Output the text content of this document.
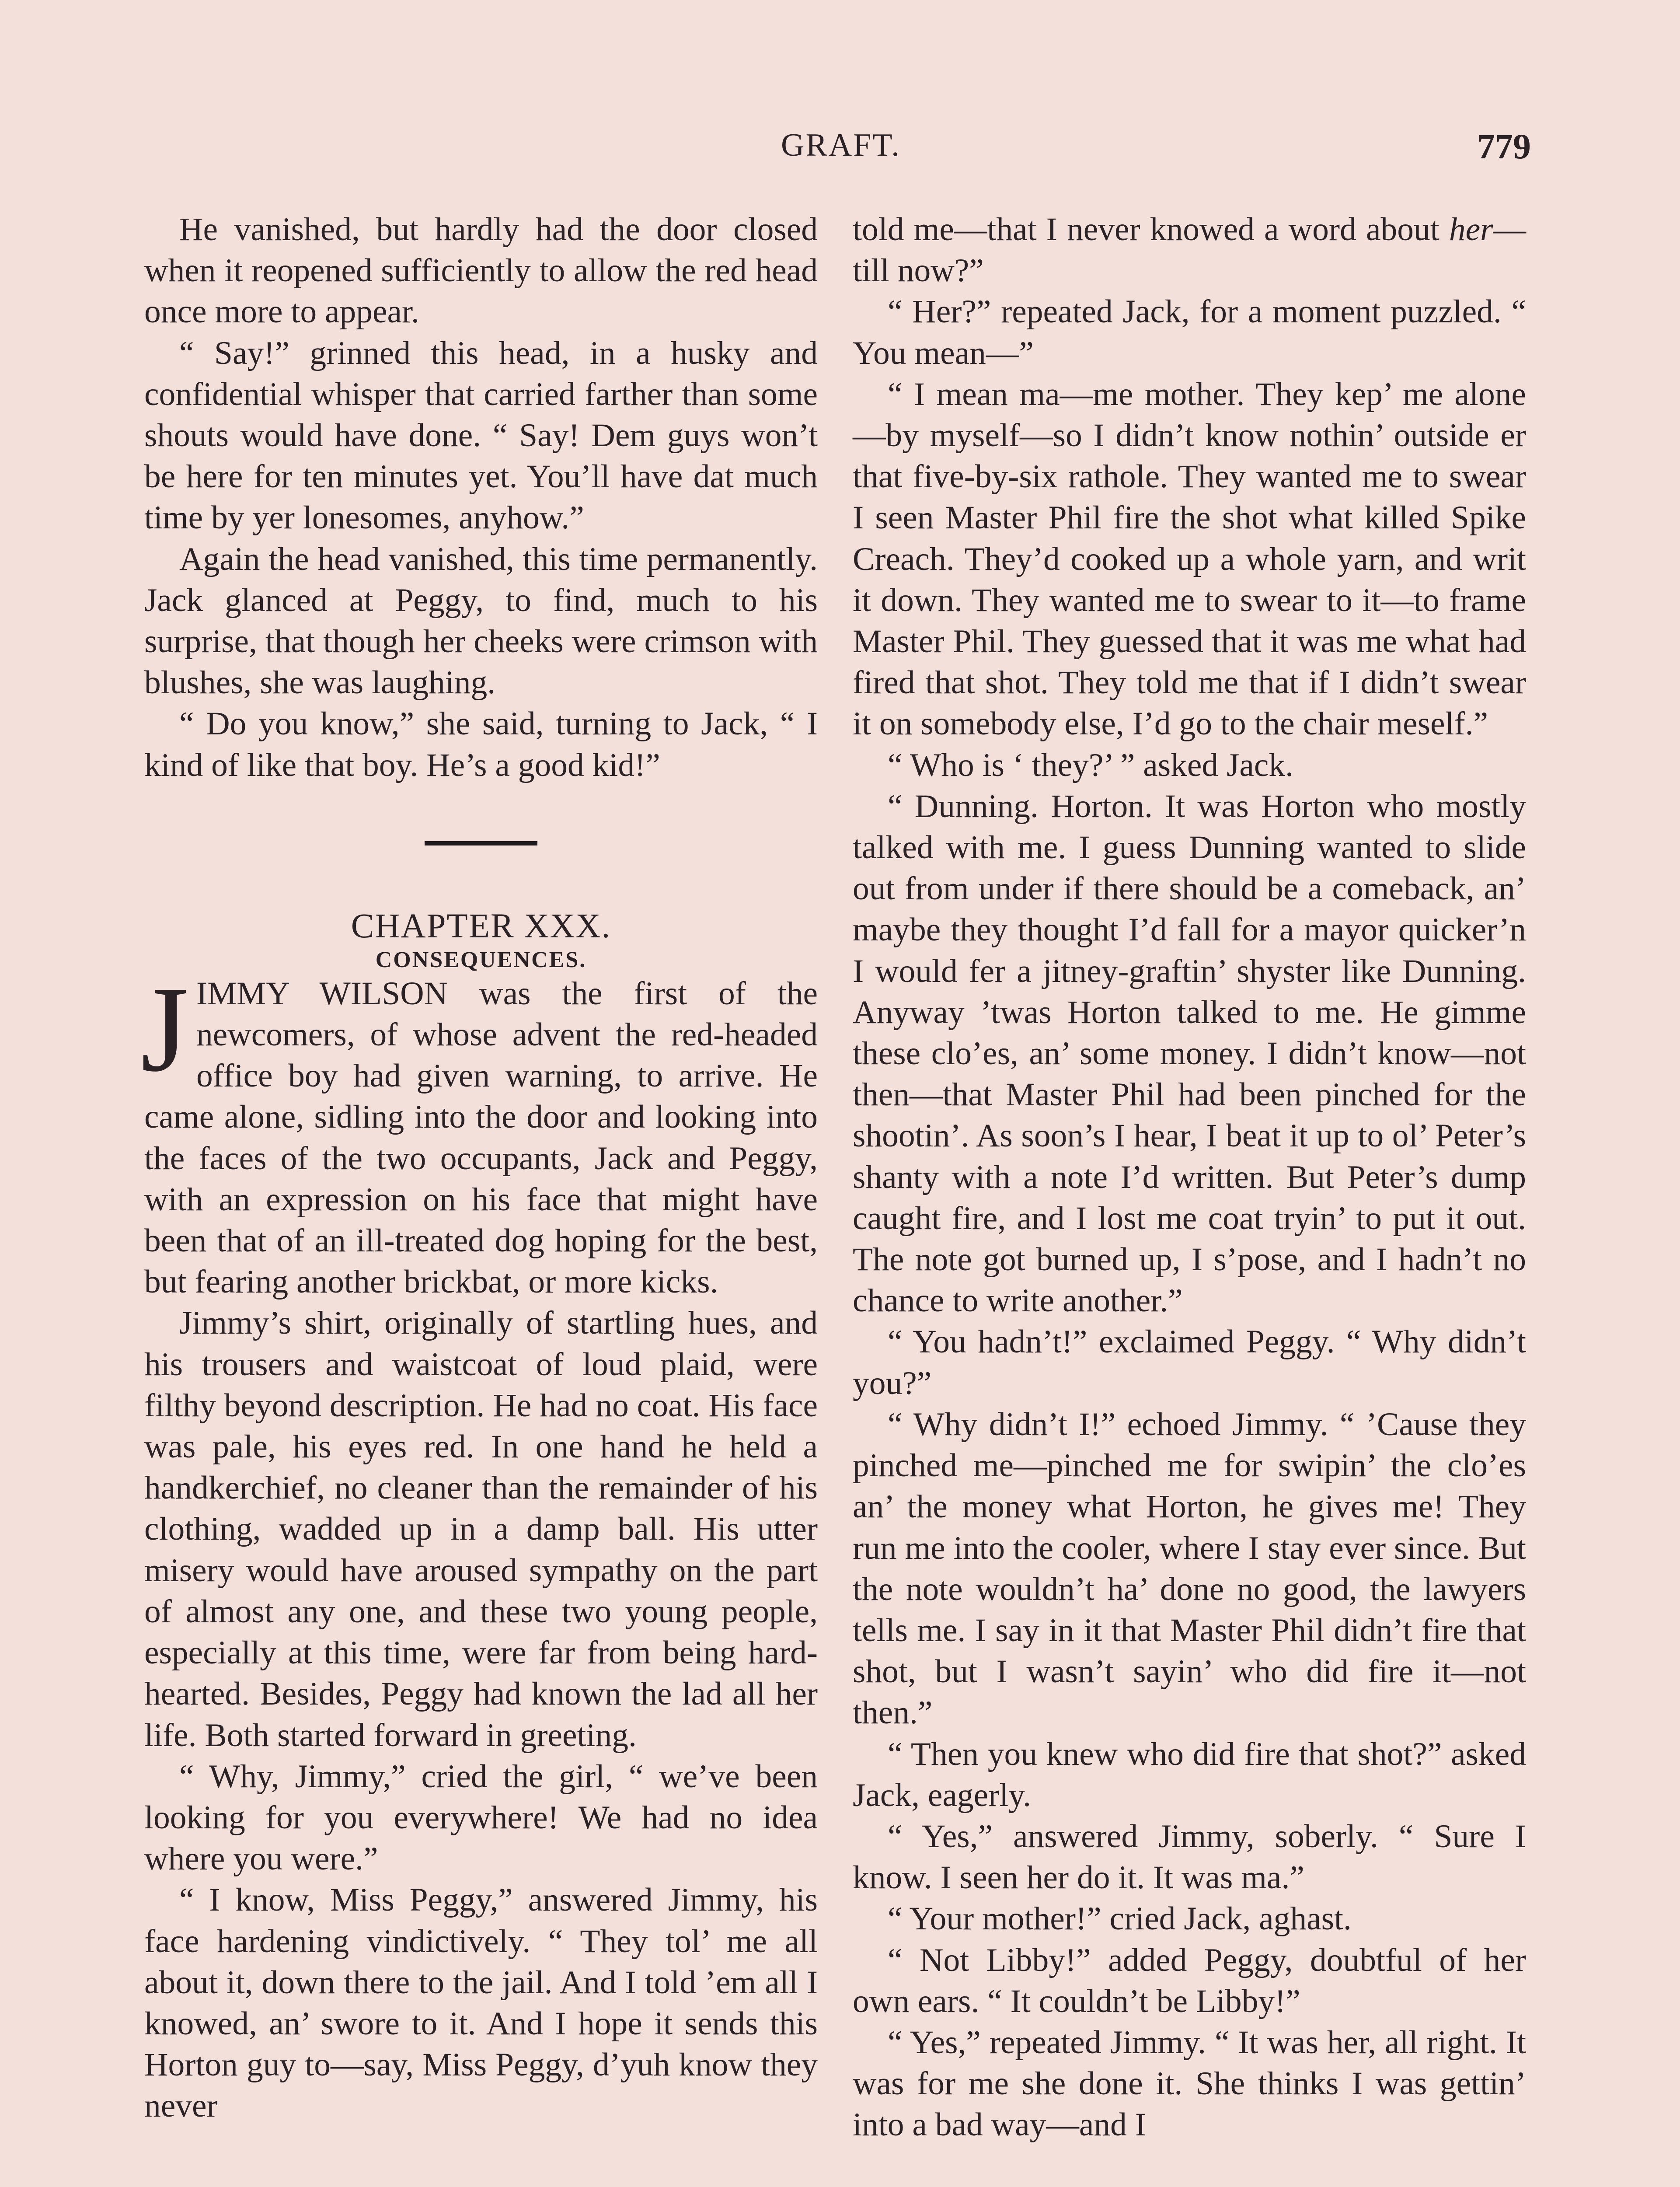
GRAFT.	779

He vanished, but hardly had the door closed when it reopened sufficiently to allow the red head once more to appear.

“ Say!” grinned this head, in a husky and confidential whisper that carried farther than some shouts would have done. “ Say! Dem guys won’t be here for ten minutes yet. You’ll have dat much time by yer lonesomes, anyhow.”

Again the head vanished, this time permanently. Jack glanced at Peggy, to find, much to his surprise, that though her cheeks were crimson with blushes, she was laughing.

“ Do you know,” she said, turning to Jack, “ I kind of like that boy. He’s a good kid!”

CHAPTER XXX.

CONSEQUENCES.

JIMMY WILSON was the first of the newcomers, of whose advent the red-headed office boy had given warning, to arrive. He came alone, sidling into the door and looking into the faces of the two occupants, Jack and Peggy, with an expression on his face that might have been that of an ill-treated dog hoping for the best, but fearing another brickbat, or more kicks.

Jimmy’s shirt, originally of startling hues, and his trousers and waistcoat of loud plaid, were filthy beyond description. He had no coat. His face was pale, his eyes red. In one hand he held a handkerchief, no cleaner than the remainder of his clothing, wadded up in a damp ball. His utter misery would have aroused sympathy on the part of almost any one, and these two young people, especially at this time, were far from being hard-hearted. Besides, Peggy had known the lad all her life. Both started forward in greeting.

“ Why, Jimmy,” cried the girl, “ we’ve been looking for you everywhere! We had no idea where you were.”

“ I know, Miss Peggy,” answered Jimmy, his face hardening vindictively. “ They tol’ me all about it, down there to the jail. And I told ’em all I knowed, an’ swore to it. And I hope it sends this Horton guy to—say, Miss Peggy, d’yuh know they never

told me—that I never knowed a word about her—till now?”

“ Her?” repeated Jack, for a moment puzzled. “ You mean—”

“ I mean ma—me mother. They kep’ me alone—by myself—so I didn’t know nothin’ outside er that five-by-six rathole. They wanted me to swear I seen Master Phil fire the shot what killed Spike Creach. They’d cooked up a whole yarn, and writ it down. They wanted me to swear to it—to frame Master Phil. They guessed that it was me what had fired that shot. They told me that if I didn’t swear it on somebody else, I’d go to the chair meself.”

“ Who is ‘ they?’ ” asked Jack.

“ Dunning. Horton. It was Horton who mostly talked with me. I guess Dunning wanted to slide out from under if there should be a comeback, an’ maybe they thought I’d fall for a mayor quicker’n I would fer a jitney-graftin’ shyster like Dunning. Anyway ’twas Horton talked to me. He gimme these clo’es, an’ some money. I didn’t know—not then—that Master Phil had been pinched for the shootin’. As soon’s I hear, I beat it up to ol’ Peter’s shanty with a note I’d written. But Peter’s dump caught fire, and I lost me coat tryin’ to put it out. The note got burned up, I s’pose, and I hadn’t no chance to write another.”

“ You hadn’t!” exclaimed Peggy. “ Why didn’t you?”

“ Why didn’t I!” echoed Jimmy. “ ’Cause they pinched me—pinched me for swipin’ the clo’es an’ the money what Horton, he gives me! They run me into the cooler, where I stay ever since. But the note wouldn’t ha’ done no good, the lawyers tells me. I say in it that Master Phil didn’t fire that shot, but I wasn’t sayin’ who did fire it—not then.”

“ Then you knew who did fire that shot?” asked Jack, eagerly.

“ Yes,” answered Jimmy, soberly. “ Sure I know. I seen her do it. It was ma.”

“ Your mother!” cried Jack, aghast.

“ Not Libby!” added Peggy, doubtful of her own ears. “ It couldn’t be Libby!”

“ Yes,” repeated Jimmy. “ It was her, all right. It was for me she done it. She thinks I was gettin’ into a bad way—and I
